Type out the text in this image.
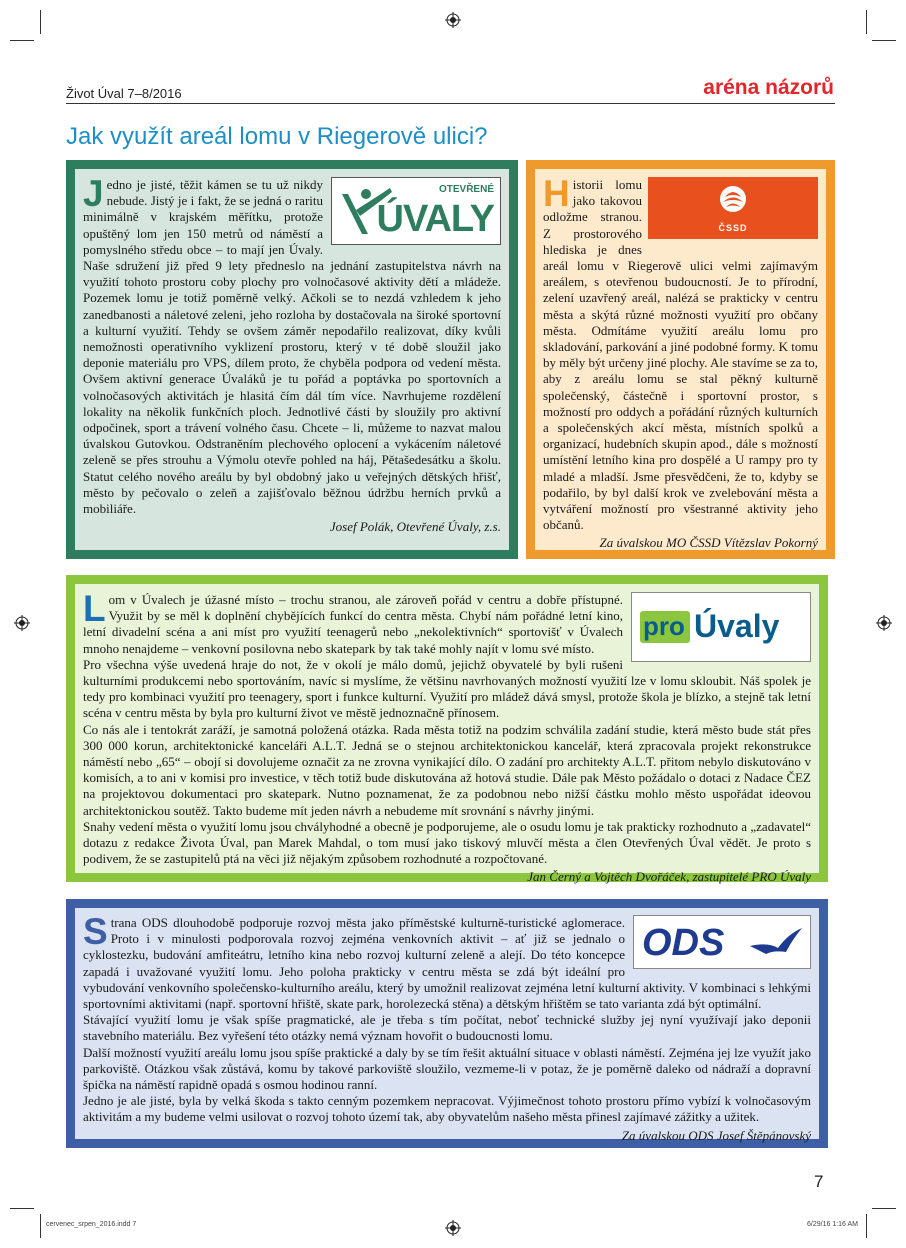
Život Úval 7–8/2016	aréna názorů
Jak využít areál lomu v Riegerově ulici?
OTEVŘENÉ
ÚVALY
J edno je jisté, těžit kámen se tu už nikdy nebude. Jistý je i fakt, že se jedná o raritu minimálně v krajském měřítku, protože opuštěný lom jen 150 metrů od náměstí a pomyslného středu obce – to mají jen Úvaly. Naše sdružení již před 9 lety předneslo na jednání zastupitelstva návrh na využití tohoto prostoru coby plochy pro volnočasové aktivity dětí a mládeže. Pozemek lomu je totiž poměrně velký. Ačkoli se to nezdá vzhledem k jeho zanedbanosti a náletové zeleni, jeho rozloha by dostačovala na široké sportovní a kulturní využití. Tehdy se ovšem záměr nepodařilo realizovat, díky kvůli nemožnosti operativního vyklizení prostoru, který v té době sloužil jako deponie materiálu pro VPS, dílem proto, že chyběla podpora od vedení města. Ovšem aktivní generace Úvaláků je tu pořád a poptávka po sportovních a volnočasových aktivitách je hlasitá čím dál tím více. Navrhujeme rozdělení lokality na několik funkčních ploch. Jednotlivé části by sloužily pro aktivní odpočinek, sport a trávení volného času. Chcete – li, můžeme to nazvat malou úvalskou Gutovkou. Odstraněním plechového oplocení a vykácením náletové zeleně se přes strouhu a Výmolu otevře pohled na háj, Pětašedesátku a školu. Statut celého nového areálu by byl obdobný jako u veřejných dětských hřišť, město by pečovalo o zeleň a zajišťovalo běžnou údržbu herních prvků a mobiliáře.

Josef Polák, Otevřené Úvaly, z.s.
ČSSD
H istorii lomu jako takovou odložme stranou. Z prostorového hlediska je dnes areál lomu v Riegerově ulici velmi zajímavým areálem, s otevřenou budoucností. Je to přírodní, zelení uzavřený areál, nalézá se prakticky v centru města a skýtá různé možnosti využití pro občany města. Odmítáme využití areálu lomu pro skladování, parkování a jiné podobné formy. K tomu by měly být určeny jiné plochy. Ale stavíme se za to, aby z areálu lomu se stal pěkný kulturně společenský, částečně i sportovní prostor, s možností pro oddych a pořádání různých kulturních a společenských akcí města, místních spolků a organizací, hudebních skupin apod., dále s možností umístění letního kina pro dospělé a U rampy pro ty mladé a mladší. Jsme přesvědčeni, že to, kdyby se podařilo, by byl další krok ve zvelebování města a vytváření možností pro všestranné aktivity jeho občanů.

Za úvalskou MO ČSSD Vítězslav Pokorný
pro Úvaly
L om v Úvalech je úžasné místo – trochu stranou, ale zároveň pořád v centru a dobře přístupné. Využit by se měl k doplnění chybějících funkcí do centra města. Chybí nám pořádné letní kino, letní divadelní scéna a ani míst pro využití teenagerů nebo „nekolektivních“ sportovišť v Úvalech mnoho nenajdeme – venkovní posilovna nebo skatepark by tak také mohly najít v lomu své místo.

Pro všechna výše uvedená hraje do not, že v okolí je málo domů, jejichž obyvatelé by byli rušeni kulturními produkcemi nebo sportováním, navíc si myslíme, že většinu navrhovaných možností využití lze v lomu skloubit. Náš spolek je tedy pro kombinaci využití pro teenagery, sport i funkce kulturní. Využití pro mládež dává smysl, protože škola je blízko, a stejně tak letní scéna v centru města by byla pro kulturní život ve městě jednoznačně přínosem.

Co nás ale i tentokrát zaráží, je samotná položená otázka. Rada města totiž na podzim schválila zadání studie, která město bude stát přes 300 000 korun, architektonické kanceláři A.L.T. Jedná se o stejnou architektonickou kancelář, která zpracovala projekt rekonstrukce náměstí nebo „65“ – obojí si dovolujeme označit za ne zrovna vynikající dílo. O zadání pro architekty A.L.T. přitom nebylo diskutováno v komisích, a to ani v komisi pro investice, v těch totiž bude diskutována až hotová studie. Dále pak Město požádalo o dotaci z Nadace ČEZ na projektovou dokumentaci pro skatepark. Nutno poznamenat, že za podobnou nebo nižší částku mohlo město uspořádat ideovou architektonickou soutěž. Takto budeme mít jeden návrh a nebudeme mít srovnání s návrhy jinými.

Snahy vedení města o využití lomu jsou chvályhodné a obecně je podporujeme, ale o osudu lomu je tak prakticky rozhodnuto a „zadavatel“ dotazu z redakce Života Úval, pan Marek Mahdal, o tom musí jako tiskový mluvčí města a člen Otevřených Úval vědět. Je proto s podivem, že se zastupitelů ptá na věci již nějakým způsobem rozhodnuté a rozpočtované.

Jan Černý a Vojtěch Dvořáček, zastupitelé PRO Úvaly
ODS
S trana ODS dlouhodobě podporuje rozvoj města jako příměstské kulturně-turistické aglomerace. Proto i v minulosti podporovala rozvoj zejména venkovních aktivit – ať již se jednalo o cyklostezku, budování amfiteátru, letního kina nebo rozvoj kulturní zeleně a alejí. Do této koncepce zapadá i uvažované využití lomu. Jeho poloha prakticky v centru města se zdá být ideální pro vybudování venkovního společensko-kulturního areálu, který by umožnil realizovat zejména letní kulturní aktivity. V kombinaci s lehkými sportovními aktivitami (např. sportovní hřiště, skate park, horolezecká stěna) a dětským hřištěm se tato varianta zdá být optimální.

Stávající využití lomu je však spíše pragmatické, ale je třeba s tím počítat, neboť technické služby jej nyní využívají jako deponii stavebního materiálu. Bez vyřešení této otázky nemá význam hovořit o budoucnosti lomu.

Další možností využití areálu lomu jsou spíše praktické a daly by se tím řešit aktuální situace v oblasti náměstí. Zejména jej lze využít jako parkoviště. Otázkou však zůstává, komu by takové parkoviště sloužilo, vezmeme-li v potaz, že je poměrně daleko od nádraží a dopravní špička na náměstí rapidně opadá s osmou hodinou ranní.

Jedno je ale jisté, byla by velká škoda s takto cenným pozemkem nepracovat. Výjimečnost tohoto prostoru přímo vybízí k volnočasovým aktivitám a my budeme velmi usilovat o rozvoj tohoto území tak, aby obyvatelům našeho města přinesl zajímavé zážitky a užitek.

Za úvalskou ODS Josef Štěpánovský
7
cervenec_srpen_2016.indd 7	6/29/16 1:16 AM
